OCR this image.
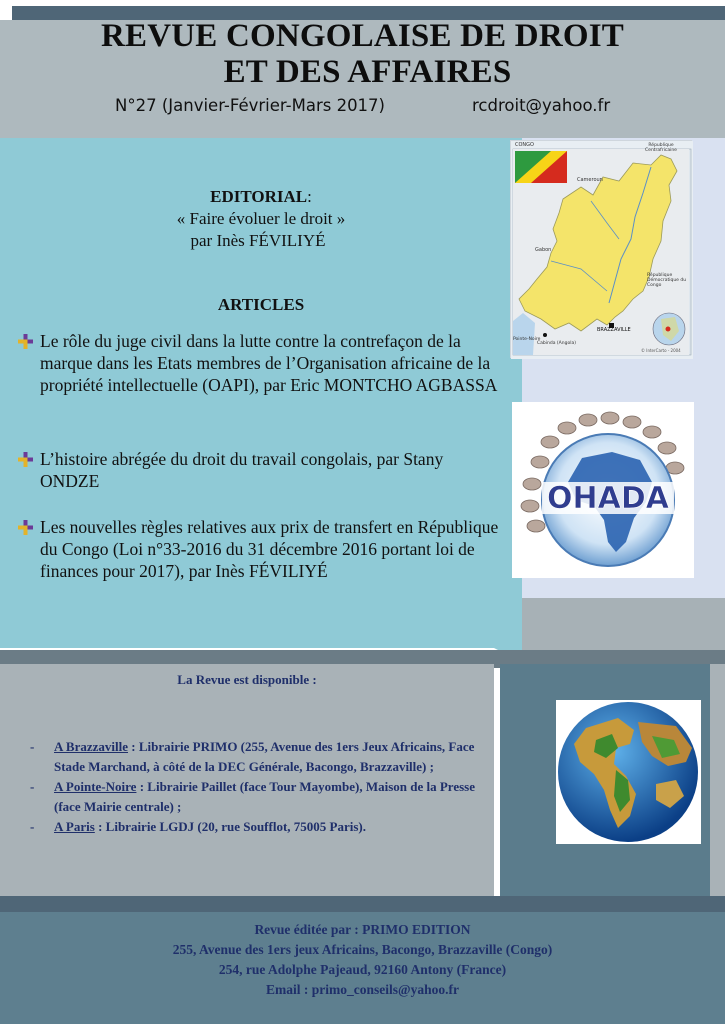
REVUE CONGOLAISE DE DROIT
ET DES AFFAIRES
N°27 (Janvier-Février-Mars 2017)	rcdroit@yahoo.fr
EDITORIAL:
« Faire évoluer le droit »
par Inès FÉVILIYÉ
ARTICLES
Le rôle du juge civil dans la lutte contre la contrefaçon de la marque dans les Etats membres de l’Organisation africaine de la propriété intellectuelle (OAPI), par Eric MONTCHO AGBASSA
L’histoire abrégée du droit du travail congolais, par Stany ONDZE
Les nouvelles règles relatives aux prix de transfert en République du Congo (Loi n°33-2016 du 31 décembre 2016 portant loi de finances pour 2017), par Inès FÉVILIYÉ
CONGO
Cameroun
République Centrafricaine
Gabon
République Démocratique du Congo
Cabinda (Angola)
BRAZZAVILLE
Pointe-Noire
© InterCarto - 2004
OHADA
La Revue est disponible :
- A Brazzaville : Librairie PRIMO (255, Avenue des 1ers Jeux Africains, Face Stade Marchand, à côté de la DEC Générale, Bacongo, Brazzaville) ;
- A Pointe-Noire : Librairie Paillet (face Tour Mayombe), Maison de la Presse (face Mairie centrale) ;
- A Paris : Librairie LGDJ (20, rue Soufflot, 75005 Paris).
Revue éditée par : PRIMO EDITION
255, Avenue des 1ers jeux Africains, Bacongo, Brazzaville (Congo)
254, rue Adolphe Pajeaud, 92160 Antony (France)
Email : primo_conseils@yahoo.fr
